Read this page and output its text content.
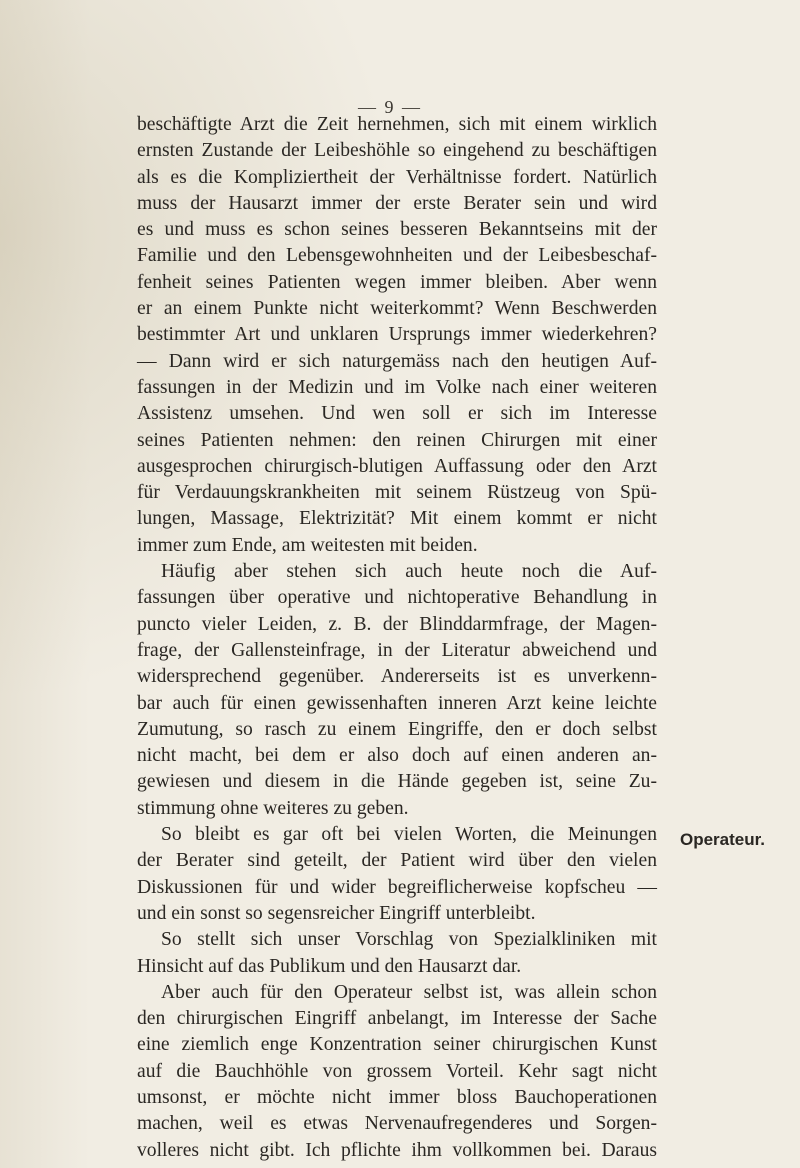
— 9 —
beschäftigte Arzt die Zeit hernehmen, sich mit einem wirklich
ernsten Zustande der Leibeshöhle so eingehend zu beschäftigen
als es die Kompliziertheit der Verhältnisse fordert. Natürlich
muss der Hausarzt immer der erste Berater sein und wird
es und muss es schon seines besseren Bekanntseins mit der
Familie und den Lebensgewohnheiten und der Leibesbeschaf-
fenheit seines Patienten wegen immer bleiben. Aber wenn
er an einem Punkte nicht weiterkommt? Wenn Beschwerden
bestimmter Art und unklaren Ursprungs immer wiederkehren?
— Dann wird er sich naturgemäss nach den heutigen Auf-
fassungen in der Medizin und im Volke nach einer weiteren
Assistenz umsehen. Und wen soll er sich im Interesse
seines Patienten nehmen: den reinen Chirurgen mit einer
ausgesprochen chirurgisch-blutigen Auffassung oder den Arzt
für Verdauungskrankheiten mit seinem Rüstzeug von Spü-
lungen, Massage, Elektrizität? Mit einem kommt er nicht
immer zum Ende, am weitesten mit beiden.
Häufig aber stehen sich auch heute noch die Auf-
fassungen über operative und nichtoperative Behandlung in
puncto vieler Leiden, z. B. der Blinddarmfrage, der Magen-
frage, der Gallensteinfrage, in der Literatur abweichend und
widersprechend gegenüber. Andererseits ist es unverkenn-
bar auch für einen gewissenhaften inneren Arzt keine leichte
Zumutung, so rasch zu einem Eingriffe, den er doch selbst
nicht macht, bei dem er also doch auf einen anderen an-
gewiesen und diesem in die Hände gegeben ist, seine Zu-
stimmung ohne weiteres zu geben.
So bleibt es gar oft bei vielen Worten, die Meinungen
der Berater sind geteilt, der Patient wird über den vielen
Diskussionen für und wider begreiflicherweise kopfscheu —
und ein sonst so segensreicher Eingriff unterbleibt.
So stellt sich unser Vorschlag von Spezialkliniken mit
Hinsicht auf das Publikum und den Hausarzt dar.
Aber auch für den Operateur selbst ist, was allein schon
den chirurgischen Eingriff anbelangt, im Interesse der Sache
eine ziemlich enge Konzentration seiner chirurgischen Kunst
auf die Bauchhöhle von grossem Vorteil. Kehr sagt nicht
umsonst, er möchte nicht immer bloss Bauchoperationen
machen, weil es etwas Nervenaufregenderes und Sorgen-
volleres nicht gibt. Ich pflichte ihm vollkommen bei. Daraus
Operateur.
